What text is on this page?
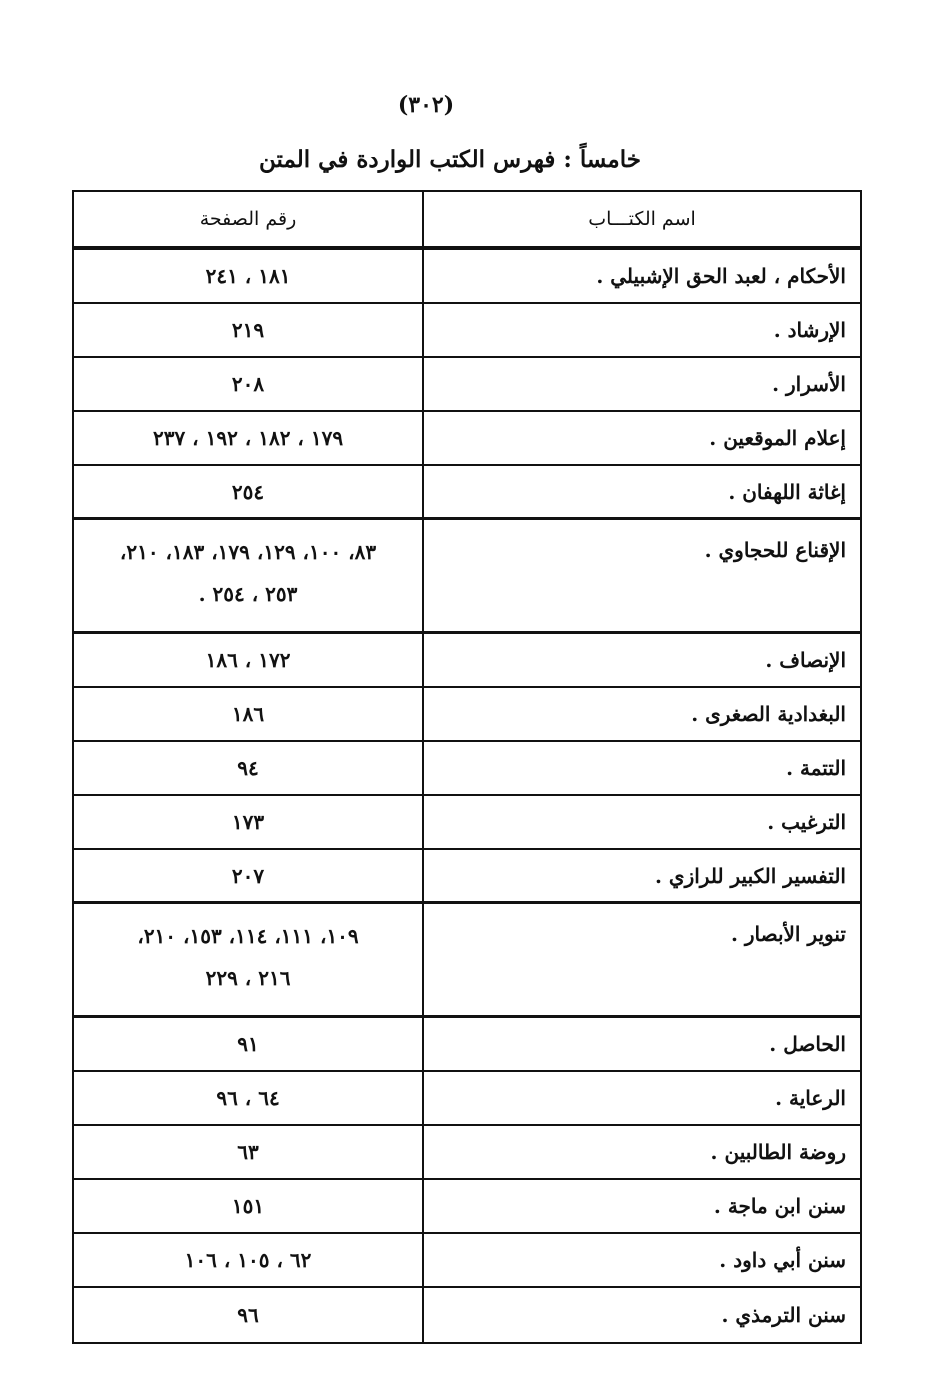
(٣٠٢)
خامساً : فهرس الكتب الواردة في المتن
اسم الكتـــاب
رقم الصفحة
الأحكام ، لعبد الحق الإشبيلي .
١٨١ ، ٢٤١
الإرشاد .
٢١٩
الأسرار .
٢٠٨
إعلام الموقعين .
١٧٩ ، ١٨٢ ، ١٩٢ ، ٢٣٧
إغاثة اللهفان .
٢٥٤
الإقناع للحجاوي .
٨٣، ١٠٠، ١٢٩، ١٧٩، ١٨٣، ٢١٠،
٢٥٣ ، ٢٥٤ .
الإنصاف .
١٧٢ ، ١٨٦
البغدادية الصغرى .
١٨٦
التتمة .
٩٤
الترغيب .
١٧٣
التفسير الكبير للرازي .
٢٠٧
تنوير الأبصار .
١٠٩، ١١١، ١١٤، ١٥٣، ٢١٠،
٢١٦ ، ٢٢٩
الحاصل .
٩١
الرعاية .
٦٤ ، ٩٦
روضة الطالبين .
٦٣
سنن ابن ماجة .
١٥١
سنن أبي داود .
٦٢ ، ١٠٥ ، ١٠٦
سنن الترمذي .
٩٦
